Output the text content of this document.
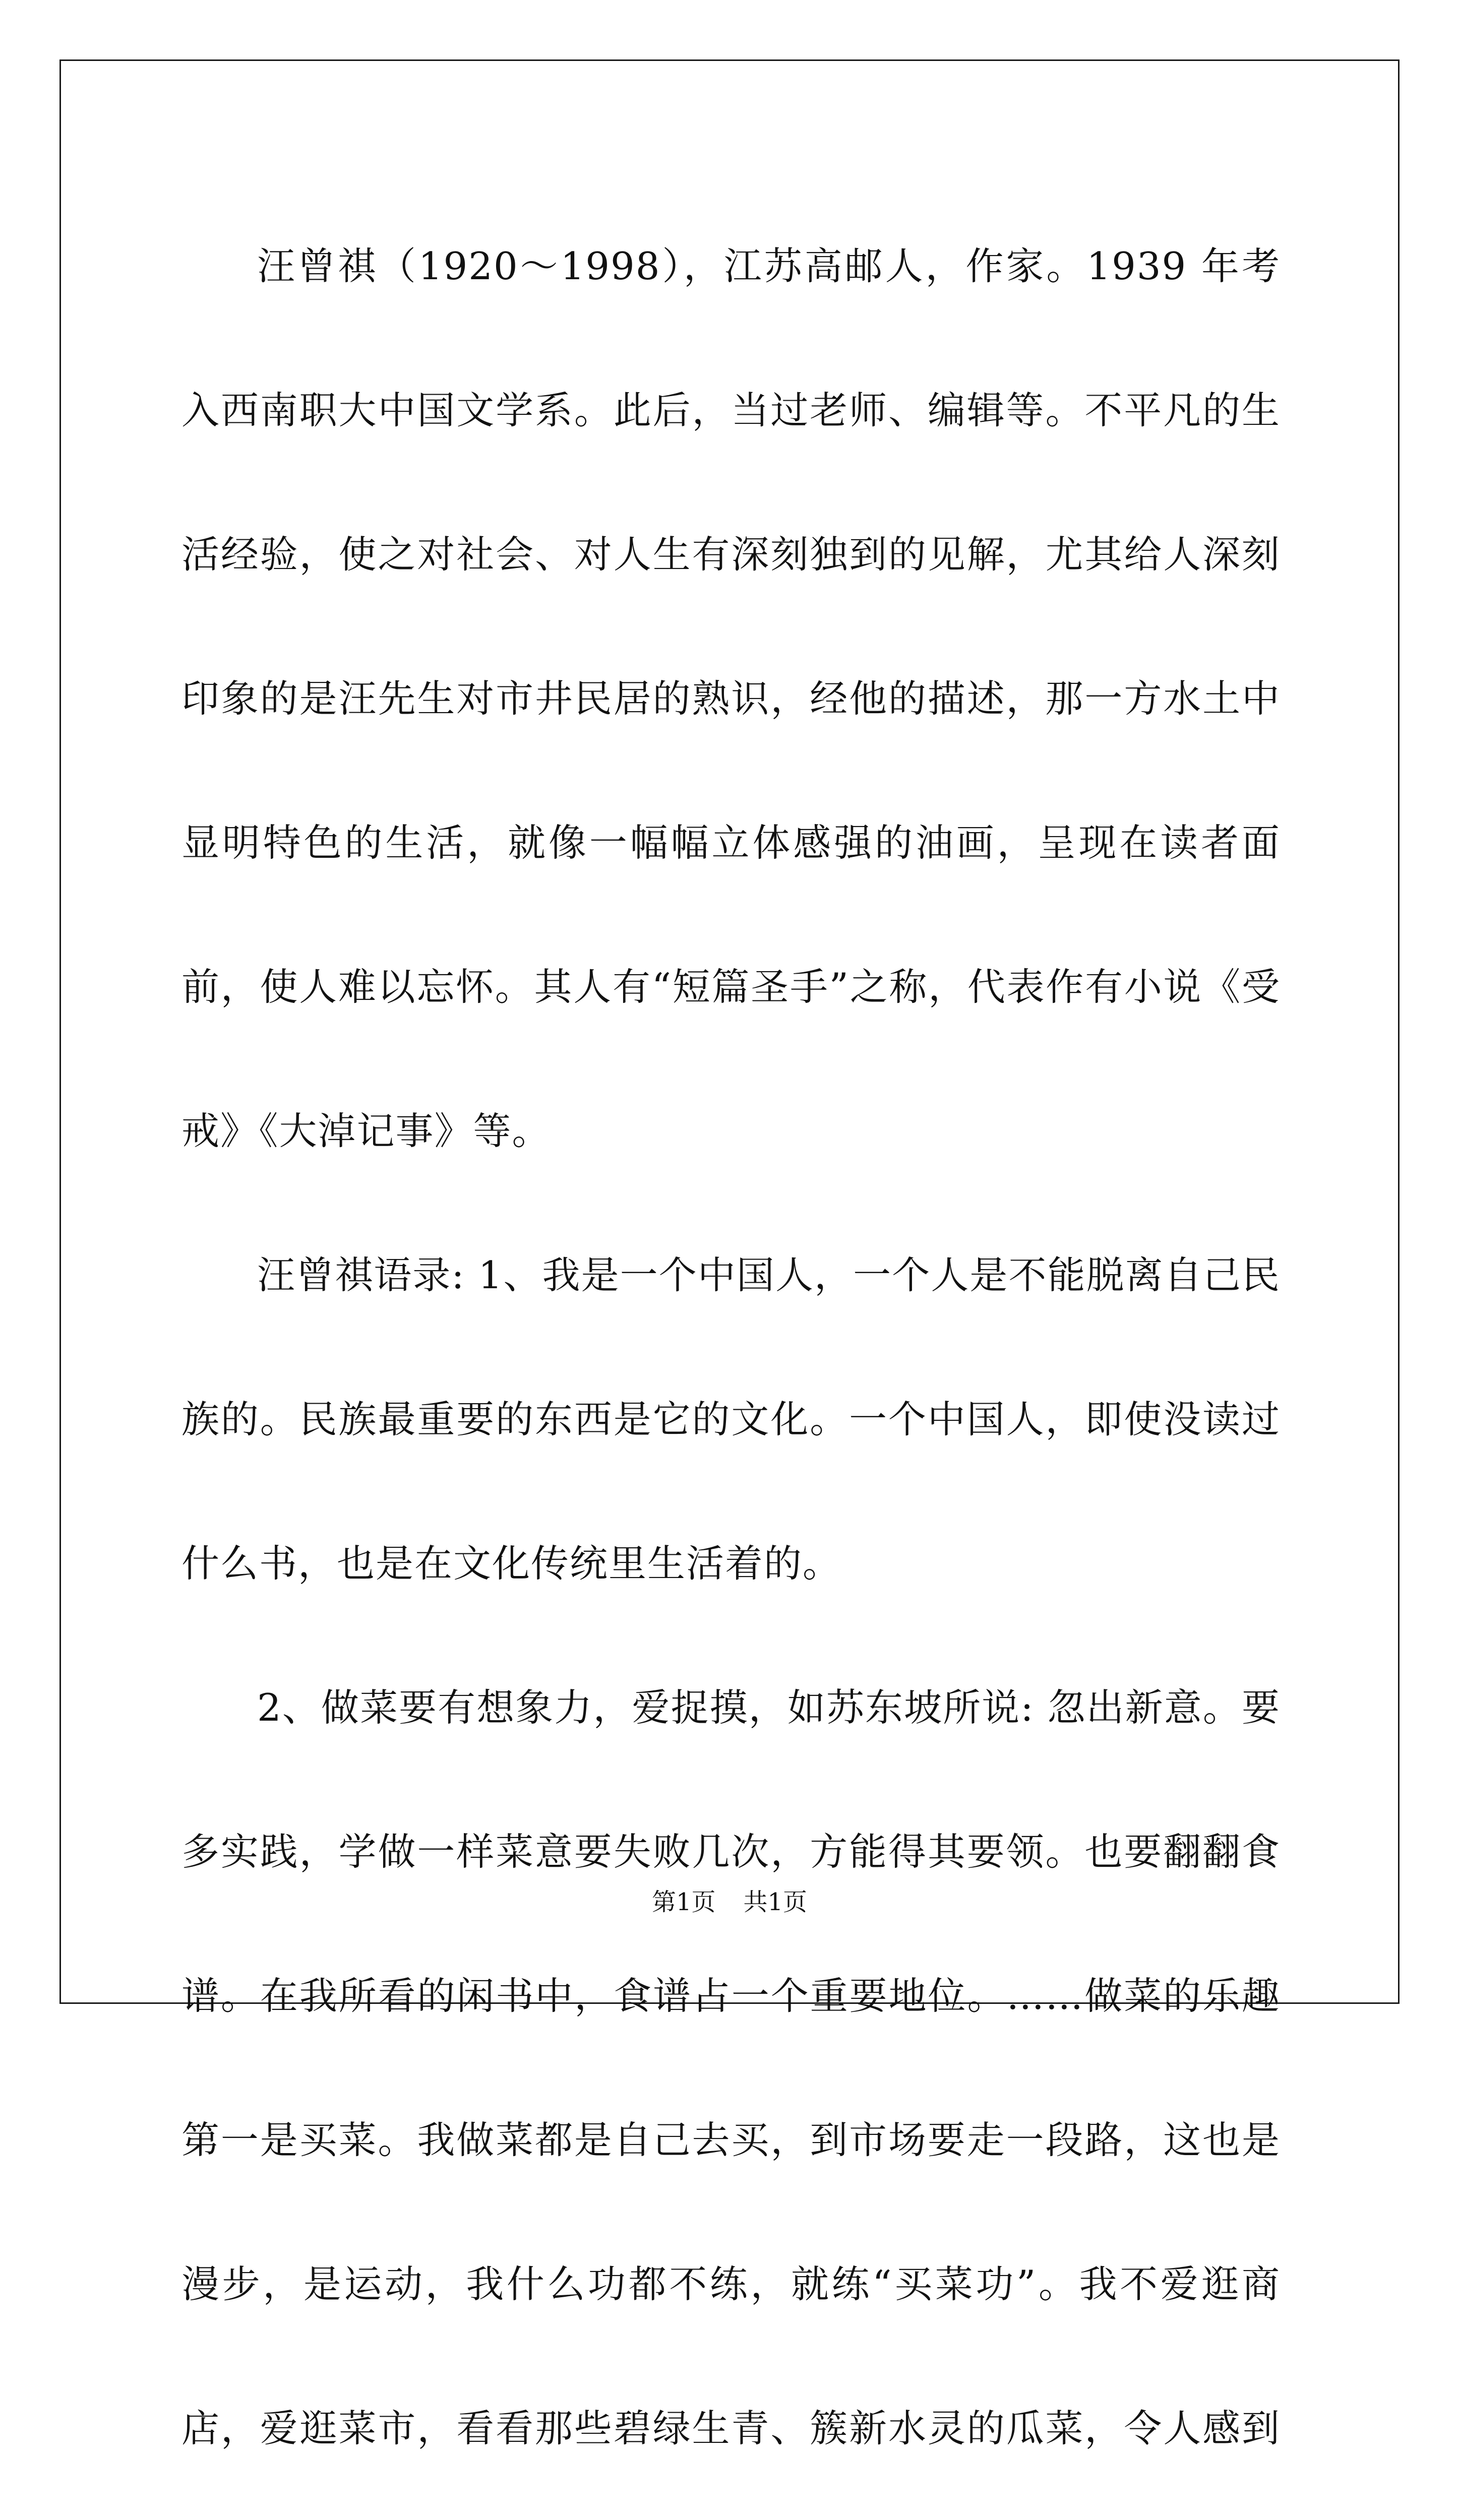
汪曾祺（1920～1998），江苏高邮人，作家。1939 年考入西南职大中国文学系。此后，当过老师、编辑等。不平凡的生活经验，使之对社会、对人生有深刻独到的见解，尤其给人深刻印象的是汪先生对市井民居的熟识，经他的描述，那一方水土中显明特色的生活，就像一幅幅立体感强的油画，呈现在读者面前，使人难以忘怀。其人有“短篇圣手”之称，代表作有小说《受戒》《大淖记事》等。

汪曾祺语录: 1、我是一个中国人，一个人是不能脱离自己民族的。民族最重要的东西是它的文化。一个中国人，即使没读过什么书，也是在文化传统里生活着的。

2、做菜要有想象力，爱捉摸，如苏东坡所说: 忽出新意。要多实践，学做一样菜意要失败几次，方能得其要领。也要翻翻食谱。在我所看的闲书中，食谱占一个重要地位。……做菜的乐趣第一是买菜。我做菜都是自己去买，到市场要走一段路，这也是漫步，是运动，我什么功都不练，就练“买菜功”。我不爱逛商店，爱逛菜市，看看那些碧绿生青、簇新水灵的瓜菜，令人感到

第1页 共1页
